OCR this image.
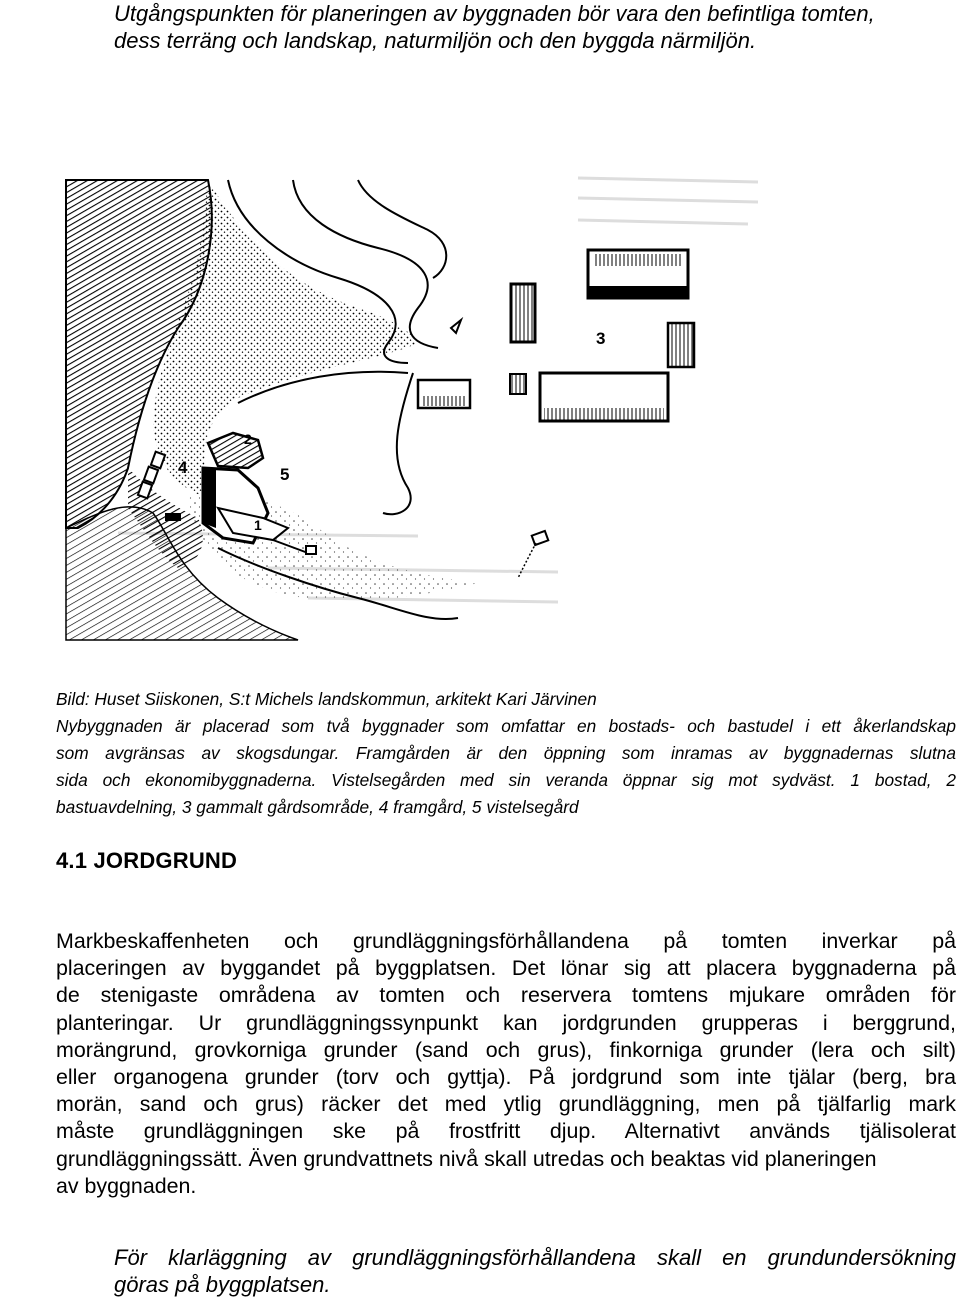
Utgångspunkten för planeringen av byggnaden bör vara den befintliga tomten,
dess terräng och landskap, naturmiljön och den byggda närmiljön.

1
2
3
4	5

Bild: Huset Siiskonen, S:t Michels landskommun, arkitekt Kari Järvinen
Nybyggnaden är placerad som två byggnader som omfattar en bostads- och bastudel i ett åkerlandskap
som avgränsas av skogsdungar. Framgården är den öppning som inramas av byggnadernas slutna
sida och ekonomibyggnaderna. Vistelsegården med sin veranda öppnar sig mot sydväst. 1 bostad, 2
bastuavdelning, 3 gammalt gårdsområde, 4 framgård, 5 vistelsegård

4.1 JORDGRUND

Markbeskaffenheten och grundläggningsförhållandena på tomten inverkar på
placeringen av byggandet på byggplatsen. Det lönar sig att placera byggnaderna på
de stenigaste områdena av tomten och reservera tomtens mjukare områden för
planteringar. Ur grundläggningssynpunkt kan jordgrunden grupperas i berggrund,
morängrund, grovkorniga grunder (sand och grus), finkorniga grunder (lera och silt)
eller organogena grunder (torv och gyttja). På jordgrund som inte tjälar (berg, bra
morän, sand och grus) räcker det med ytlig grundläggning, men på tjälfarlig mark
måste grundläggningen ske på frostfritt djup. Alternativt används tjälisolerat
grundläggningssätt. Även grundvattnets nivå skall utredas och beaktas vid planeringen
av byggnaden.

För klarläggning av grundläggningsförhållandena skall en grundundersökning
göras på byggplatsen.
